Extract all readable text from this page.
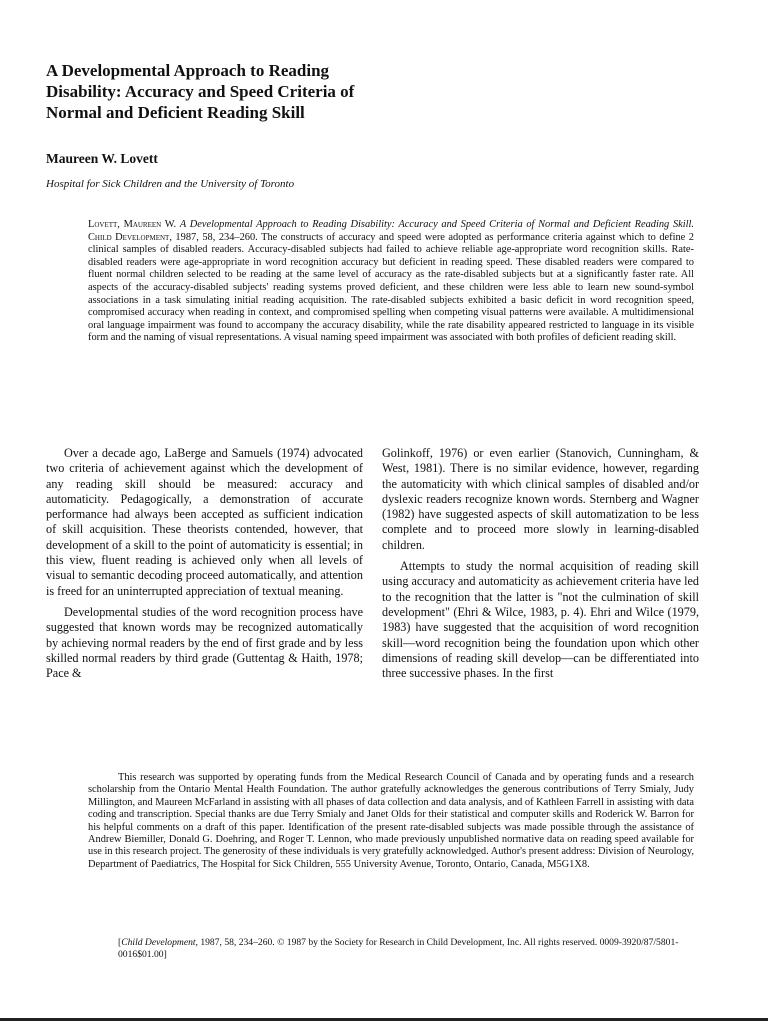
A Developmental Approach to Reading
Disability: Accuracy and Speed Criteria of
Normal and Deficient Reading Skill

Maureen W. Lovett

Hospital for Sick Children and the University of Toronto

Lovett, Maureen W. A Developmental Approach to Reading Disability: Accuracy and Speed Criteria of Normal and Deficient Reading Skill. Child Development, 1987, 58, 234–260. The constructs of accuracy and speed were adopted as performance criteria against which to define 2 clinical samples of disabled readers. Accuracy-disabled subjects had failed to achieve reliable age-appropriate word recognition skills. Rate-disabled readers were age-appropriate in word recognition accuracy but deficient in reading speed. These disabled readers were compared to fluent normal children selected to be reading at the same level of accuracy as the rate-disabled subjects but at a significantly faster rate. All aspects of the accuracy-disabled subjects' reading systems proved deficient, and these children were less able to learn new sound-symbol associations in a task simulating initial reading acquisition. The rate-disabled subjects exhibited a basic deficit in word recognition speed, compromised accuracy when reading in context, and compromised spelling when competing visual patterns were available. A multidimensional oral language impairment was found to accompany the accuracy disability, while the rate disability appeared restricted to language in its visible form and the naming of visual representations. A visual naming speed impairment was associated with both profiles of deficient reading skill.

Over a decade ago, LaBerge and Samuels (1974) advocated two criteria of achievement against which the development of any reading skill should be measured: accuracy and automaticity. Pedagogically, a demonstration of accurate performance had always been accepted as sufficient indication of skill acquisition. These theorists contended, however, that development of a skill to the point of automaticity is essential; in this view, fluent reading is achieved only when all levels of visual to semantic decoding proceed automatically, and attention is freed for an uninterrupted appreciation of textual meaning.

Developmental studies of the word recognition process have suggested that known words may be recognized automatically by achieving normal readers by the end of first grade and by less skilled normal readers by third grade (Guttentag & Haith, 1978; Pace &

Golinkoff, 1976) or even earlier (Stanovich, Cunningham, & West, 1981). There is no similar evidence, however, regarding the automaticity with which clinical samples of disabled and/or dyslexic readers recognize known words. Sternberg and Wagner (1982) have suggested aspects of skill automatization to be less complete and to proceed more slowly in learning-disabled children.

Attempts to study the normal acquisition of reading skill using accuracy and automaticity as achievement criteria have led to the recognition that the latter is "not the culmination of skill development" (Ehri & Wilce, 1983, p. 4). Ehri and Wilce (1979, 1983) have suggested that the acquisition of word recognition skill—word recognition being the foundation upon which other dimensions of reading skill develop—can be differentiated into three successive phases. In the first

This research was supported by operating funds from the Medical Research Council of Canada and by operating funds and a research scholarship from the Ontario Mental Health Foundation. The author gratefully acknowledges the generous contributions of Terry Smialy, Judy Millington, and Maureen McFarland in assisting with all phases of data collection and data analysis, and of Kathleen Farrell in assisting with data coding and transcription. Special thanks are due Terry Smialy and Janet Olds for their statistical and computer skills and Roderick W. Barron for his helpful comments on a draft of this paper. Identification of the present rate-disabled subjects was made possible through the assistance of Andrew Biemiller, Donald G. Doehring, and Roger T. Lennon, who made previously unpublished normative data on reading speed available for use in this research project. The generosity of these individuals is very gratefully acknowledged. Author's present address: Division of Neurology, Department of Paediatrics, The Hospital for Sick Children, 555 University Avenue, Toronto, Ontario, Canada, M5G1X8.

[Child Development, 1987, 58, 234–260. © 1987 by the Society for Research in Child Development, Inc. All rights reserved. 0009-3920/87/5801-0016$01.00]
